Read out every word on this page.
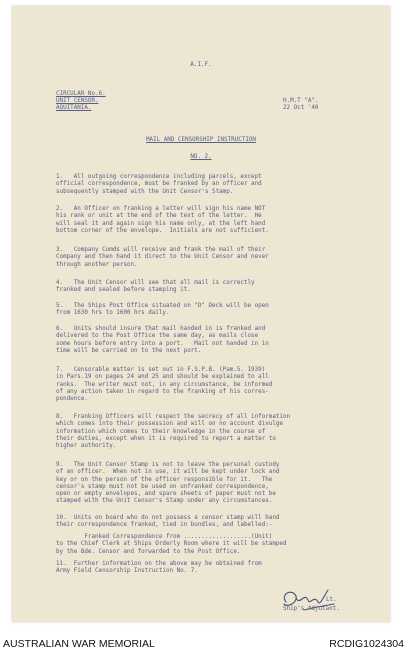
A.I.F.
CIRCULAR No.6.
UNIT CENSOR.
AQUITANIA.
H.M.T "A".
22 Oct '40
MAIL AND CENSORSHIP INSTRUCTION
NO. 2.
1.   All outgoing correspondence including parcels, except
official correspondence, must be franked by an officer and
subsequently stamped with the Unit Censor's Stamp.
2.   An Officer on franking a letter will sign his name NOT
his rank or unit at the end of the text of the letter.  He
will seal it and again sign his name only, at the left hand
bottom corner of the envelope.  Initials are not sufficient.
3.   Company Comds will receive and frank the mail of their
Company and then hand it direct to the Unit Censor and never
through another person.
4.   The Unit Censor will see that all mail is correctly
franked and sealed before stamping it.
5.   The Ships Post Office situated on "D" Deck will be open
from 1630 hrs to 1600 hrs daily.
6.   Units should insure that mail handed in is franked and
delivered to the Post Office the same day, as mails close
some hours before entry into a port.   Mail not handed in in
time will be carried on to the next port.
7.   Censorable matter is set out in F.S.P.B. (Pam.5. 1939)
in Pars.19 on pages 24 and 25 and should be explained to all
ranks.  The writer must not, in any circumstance, be informed
of any action taken in regard to the franking of his corres-
pondence.
8.   Franking Officers will respect the secrecy of all information
which comes into their possession and will on no account divulge
information which comes to their knowledge in the course of
their duties, except when it is required to report a matter to
higher authority.
9.   The Unit Censor Stamp is not to leave the personal custody
of an officer.  When not in use, it will be kept under lock and
key or on the person of the officer responsible for it.   The
censor's stamp must not be used on unfranked correspondence,
open or empty envelopes, and spare sheets of paper must not be
stamped with the Unit Censor's Stamp under any circumstances.
10.  Units on board who do not possess a censor stamp will hand
their correspondence franked, tied in bundles, and labelled:-
Franked Correspondence from ...................(Unit)
to the Chief Clerk at Ships Orderly Room where it will be stamped
by the Bde. Censor and forwarded to the Post Office.
11.  Further information on the above may be obtained from
Army Field Censorship Instruction No. 7.
Lt.
Ship's Adjutant.
AUSTRALIAN WAR MEMORIAL	RCDIG1024304
